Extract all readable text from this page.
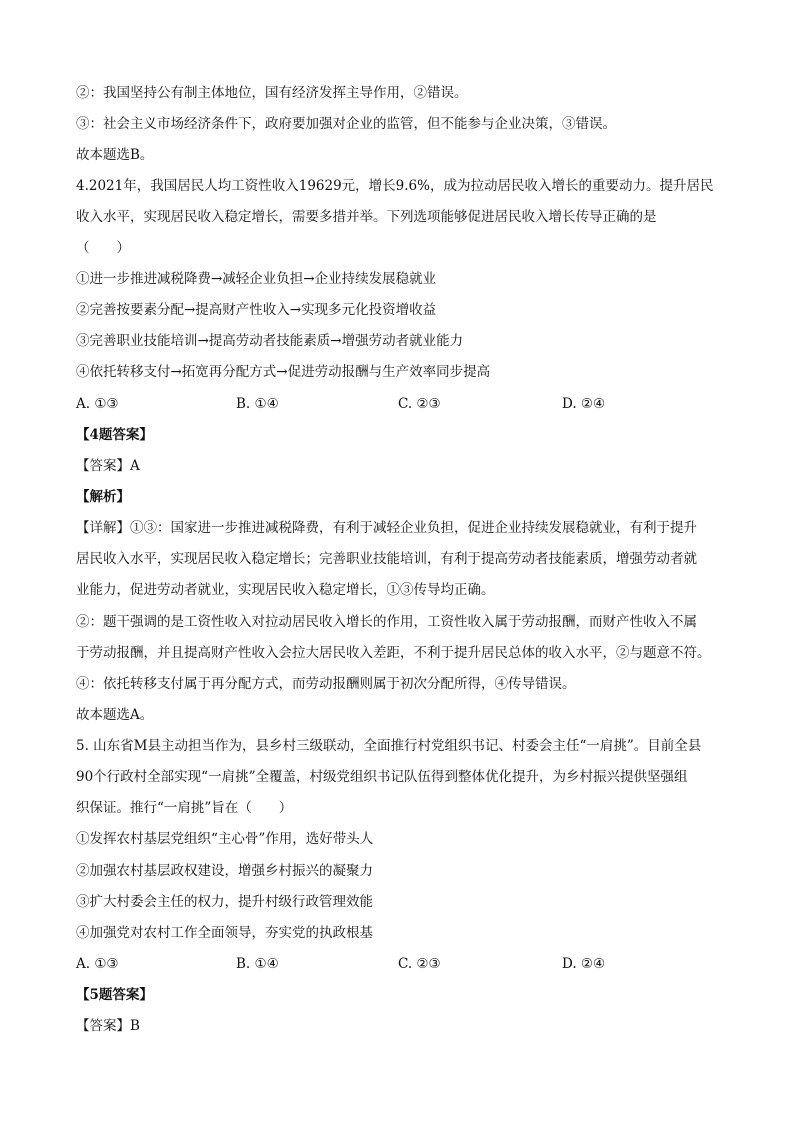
②：我国坚持公有制主体地位，国有经济发挥主导作用，②错误。
③：社会主义市场经济条件下，政府要加强对企业的监管，但不能参与企业决策，③错误。
故本题选B。
4.2021年，我国居民人均工资性收入19629元，增长9.6%，成为拉动居民收入增长的重要动力。提升居民
收入水平，实现居民收入稳定增长，需要多措并举。下列选项能够促进居民收入增长传导正确的是
（　　）
①进一步推进减税降费→减轻企业负担→企业持续发展稳就业
②完善按要素分配→提高财产性收入→实现多元化投资增收益
③完善职业技能培训→提高劳动者技能素质→增强劳动者就业能力
④依托转移支付→拓宽再分配方式→促进劳动报酬与生产效率同步提高
A. ①③	B. ①④	C. ②③	D. ②④
【4题答案】
【答案】A
【解析】
【详解】①③：国家进一步推进减税降费，有利于减轻企业负担，促进企业持续发展稳就业，有利于提升
居民收入水平，实现居民收入稳定增长；完善职业技能培训，有利于提高劳动者技能素质，增强劳动者就
业能力，促进劳动者就业，实现居民收入稳定增长，①③传导均正确。
②：题干强调的是工资性收入对拉动居民收入增长的作用，工资性收入属于劳动报酬，而财产性收入不属
于劳动报酬，并且提高财产性收入会拉大居民收入差距，不利于提升居民总体的收入水平，②与题意不符。
④：依托转移支付属于再分配方式，而劳动报酬则属于初次分配所得，④传导错误。
故本题选A。
5. 山东省M县主动担当作为，县乡村三级联动，全面推行村党组织书记、村委会主任“一肩挑”。目前全县
90个行政村全部实现“一肩挑”全覆盖，村级党组织书记队伍得到整体优化提升，为乡村振兴提供坚强组
织保证。推行“一肩挑”旨在（　　）
①发挥农村基层党组织“主心骨”作用，选好带头人
②加强农村基层政权建设，增强乡村振兴的凝聚力
③扩大村委会主任的权力，提升村级行政管理效能
④加强党对农村工作全面领导，夯实党的执政根基
A. ①③	B. ①④	C. ②③	D. ②④
【5题答案】
【答案】B
